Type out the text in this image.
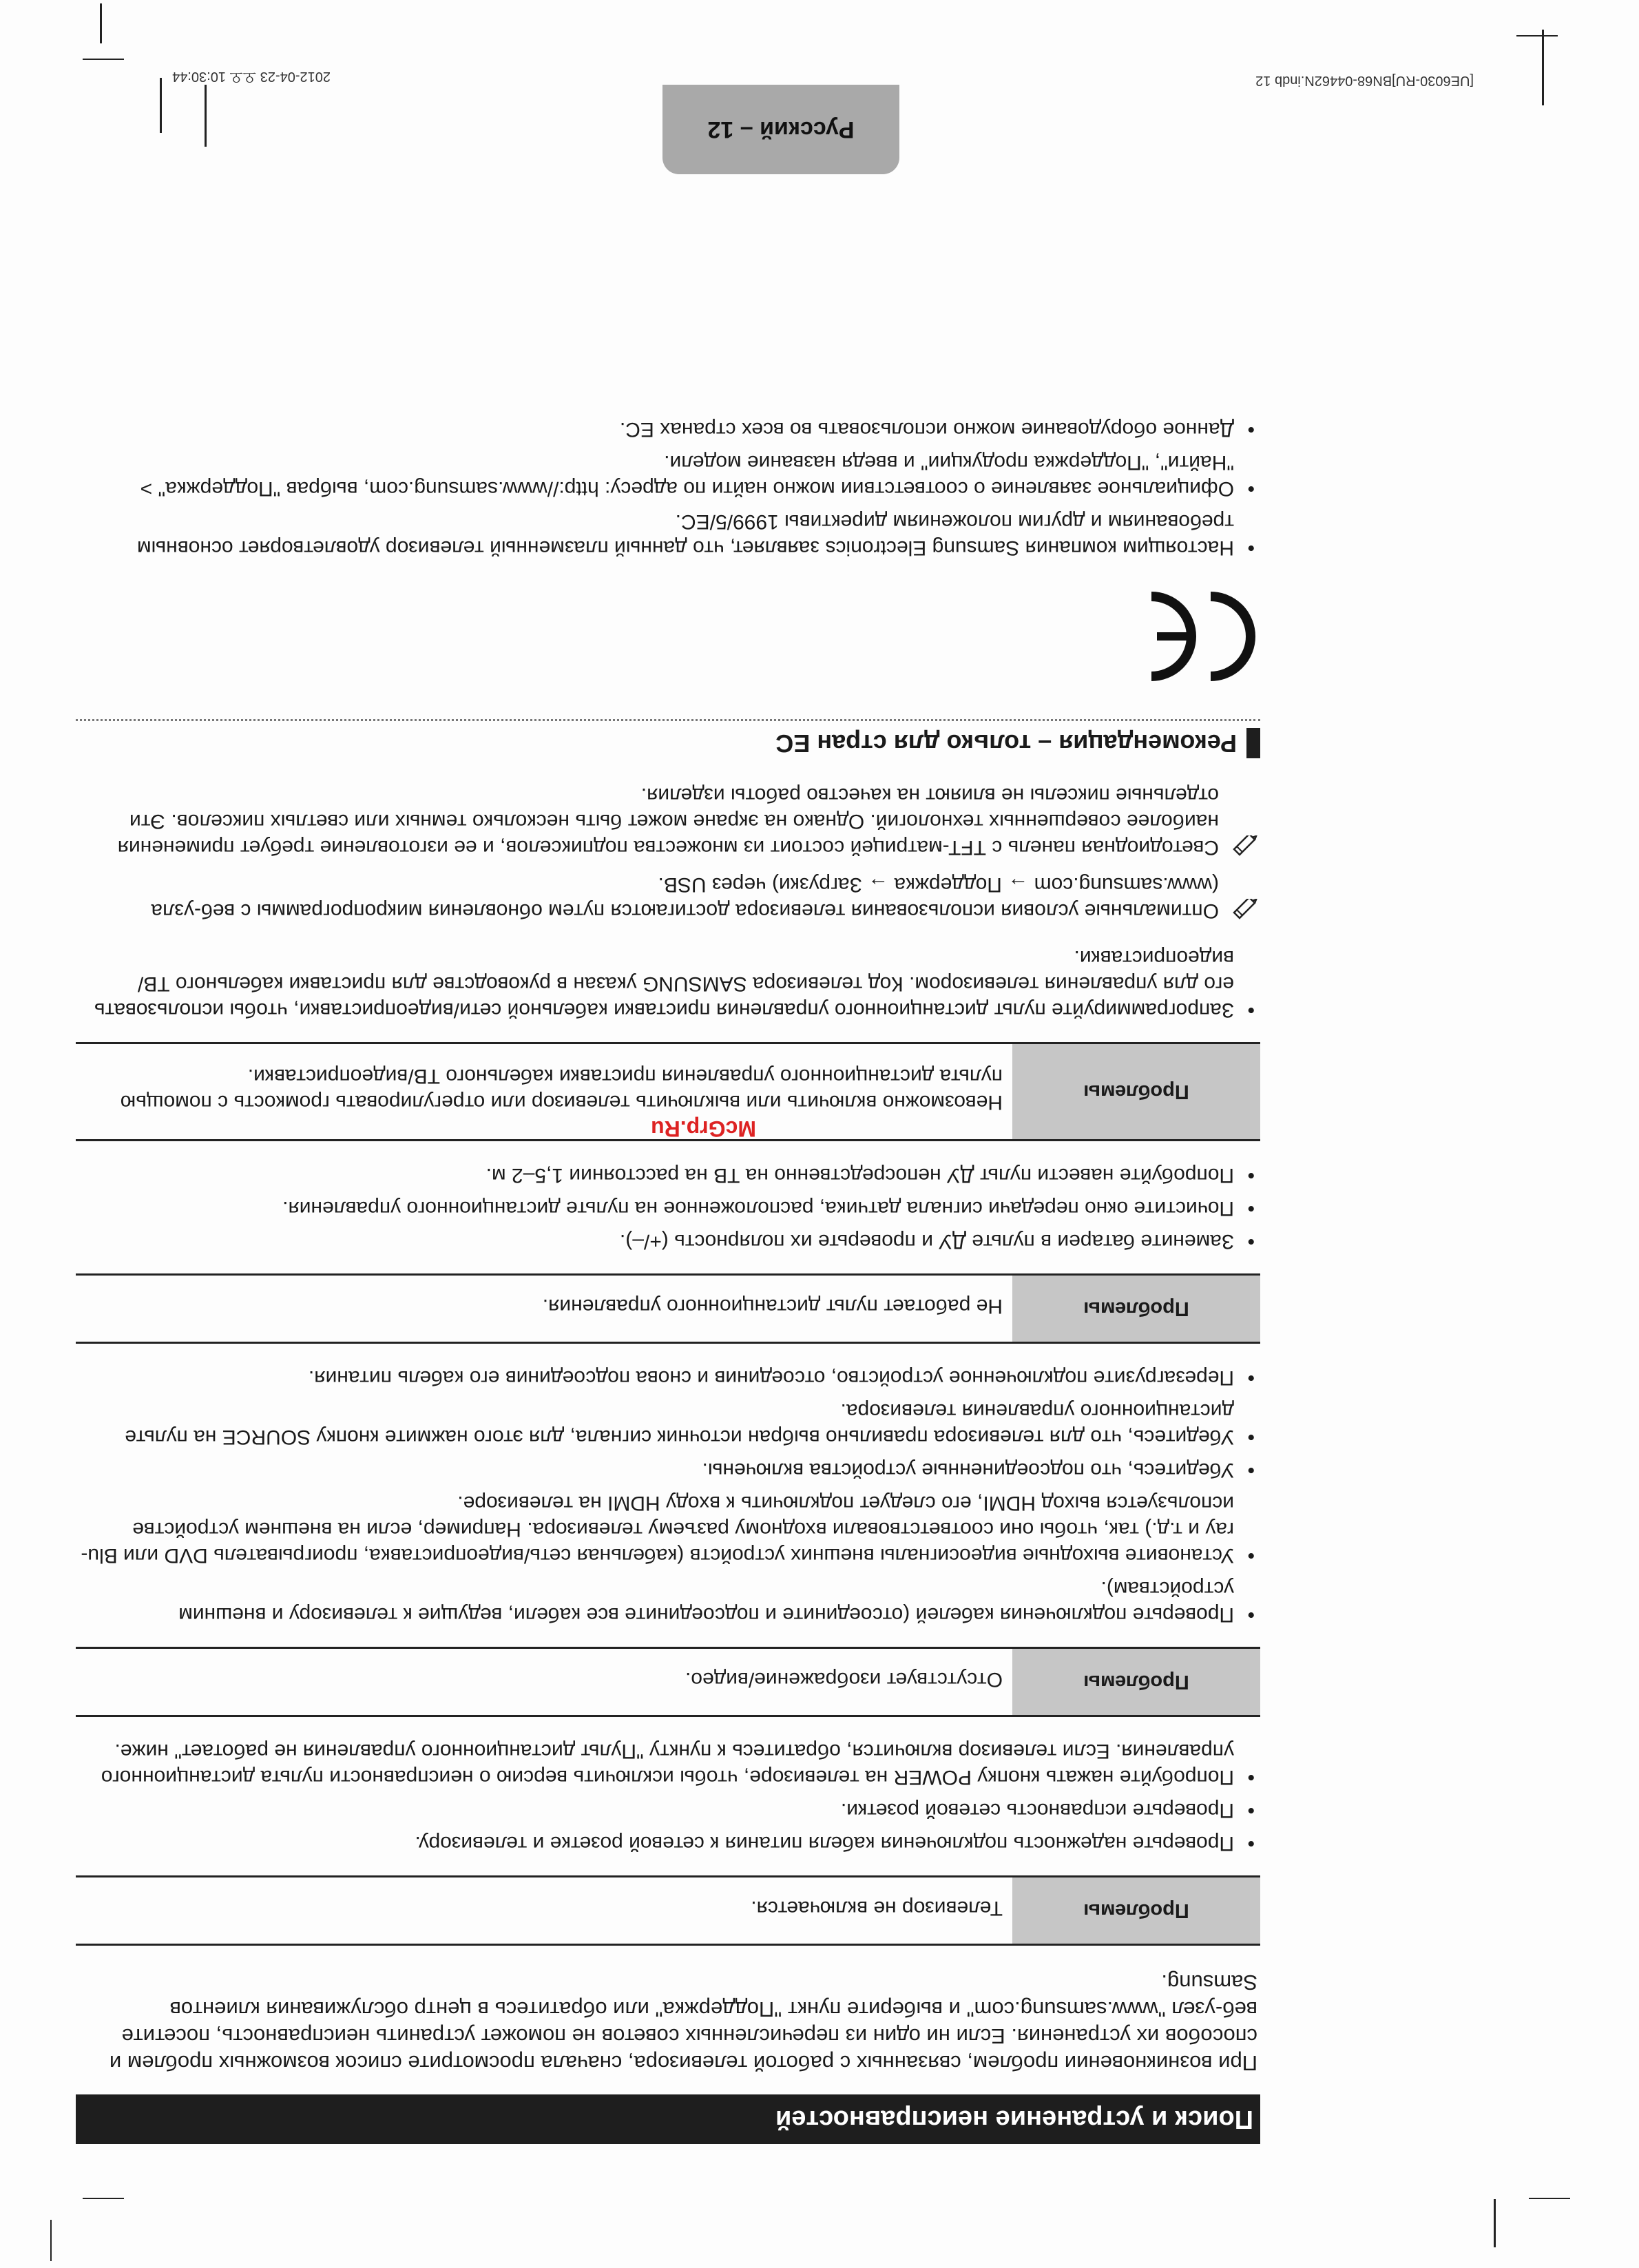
[UE6030-RU]BN68-04462N.indb 12
2012-04-23 오오 10:30:44
McGrp.Ru
Поиск и устранение неисправностей
При возникновении проблем, связанных с работой телевизора, сначала просмотрите список возможных проблем и способов их устранения. Если ни один из перечисленных советов не поможет устранить неисправность, посетите веб-узел "www.samsung.com" и выберите пункт "Поддержка" или обратитесь в центр обслуживания клиентов Samsung.
Проблемы
Телевизор не включается.
• Проверьте надежность подключения кабеля питания к сетевой розетке и телевизору.
• Проверьте исправность сетевой розетки.
• Попробуйте нажать кнопку POWER на телевизоре, чтобы исключить версию о неисправности пульта дистанционного управления. Если телевизор включится, обратитесь к пункту "Пульт дистанционного управления не работает" ниже.
Проблемы
Отсутствует изображение/видео.
• Проверьте подключения кабелей (отсоедините и подсоедините все кабели, ведущие к телевизору и внешним устройствам).
• Установите выходные видеосигналы внешних устройств (кабельная сеть/видеоприставка, проигрыватель DVD или Blu-ray и т.д.) так, чтобы они соответствовали входному разъему телевизора. Например, если на внешнем устройстве используется выход HDMI, его следует подключить к входу HDMI на телевизоре.
• Убедитесь, что подсоединенные устройства включены.
• Убедитесь, что для телевизора правильно выбран источник сигнала, для этого нажмите кнопку SOURCE на пульте дистанционного управления телевизора.
• Перезагрузите подключенное устройство, отсоединив и снова подсоединив его кабель питания.
Проблемы
Не работает пульт дистанционного управления.
• Замените батареи в пульте ДУ и проверьте их полярность (+/–).
• Почистите окно передачи сигнала датчика, расположенное на пульте дистанционного управления.
• Попробуйте навести пульт ДУ непосредственно на ТВ на расстоянии 1,5–2 м.
Проблемы
Невозможно включить или выключить телевизор или отрегулировать громкость с помощью пульта дистанционного управления приставки кабельного ТВ/видеоприставки.
• Запрограммируйте пульт дистанционного управления приставки кабельной сети/видеоприставки, чтобы использовать его для управления телевизором. Код телевизора SAMSUNG указан в руководстве для приставки кабельного ТВ/видеоприставки.
Оптимальные условия использования телевизора достигаются путем обновления микропрограммы с веб-узла (www.samsung.com → Поддержка → Загрузки) через USB.
Светодиодная панель с TFT-матрицей состоит из множества подпикселов, и ее изготовление требует применения наиболее совершенных технологий. Однако на экране может быть несколько темных или светлых пикселов. Эти отдельные пикселы не влияют на качество работы изделия.
Рекомендация – только для стран ЕС
• Настоящим компания Samsung Electronics заявляет, что данный плазменный телевизор удовлетворяет основным требованиям и другим положениям директивы 1999/5/EC.
• Официальное заявление о соответствии можно найти по адресу: http://www.samsung.com, выбрав "Поддержка" > "Найти", "Поддержка продукции" и введя название модели.
• Данное оборудование можно использовать во всех странах ЕС.
Русский – 12
